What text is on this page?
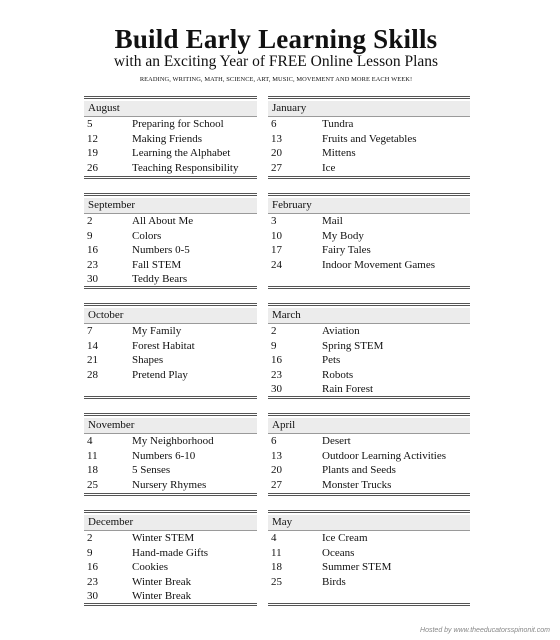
Build Early Learning Skills
with an Exciting Year of FREE Online Lesson Plans
READING, WRITING, MATH, SCIENCE, ART, MUSIC, MOVEMENT AND MORE EACH WEEK!
August
5	Preparing for School
12	Making Friends
19	Learning the Alphabet
26	Teaching Responsibility
September
2	All About Me
9	Colors
16	Numbers 0-5
23	Fall STEM
30	Teddy Bears
October
7	My Family
14	Forest Habitat
21	Shapes
28	Pretend Play
November
4	My Neighborhood
11	Numbers 6-10
18	5 Senses
25	Nursery Rhymes
December
2	Winter STEM
9	Hand-made Gifts
16	Cookies
23	Winter Break
30	Winter Break
January
6	Tundra
13	Fruits and Vegetables
20	Mittens
27	Ice
February
3	Mail
10	My Body
17	Fairy Tales
24	Indoor Movement Games
March
2	Aviation
9	Spring STEM
16	Pets
23	Robots
30	Rain Forest
April
6	Desert
13	Outdoor Learning Activities
20	Plants and Seeds
27	Monster Trucks
May
4	Ice Cream
11	Oceans
18	Summer STEM
25	Birds
Hosted by www.theeducatorsspinonit.com
